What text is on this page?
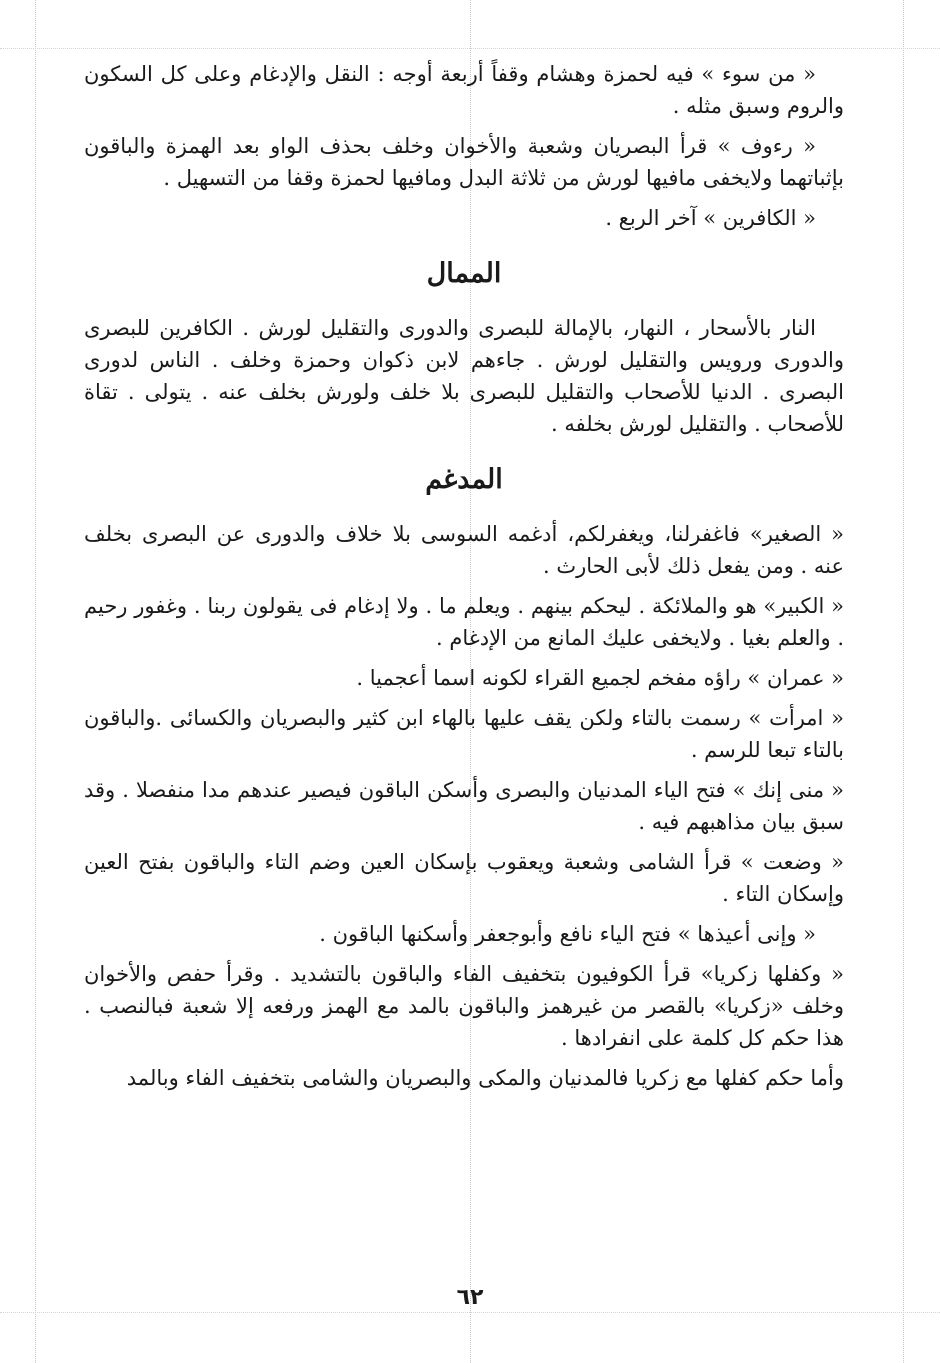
« من سوء » فيه لحمزة وهشام وقفاً أربعة أوجه : النقل والإدغام وعلى كل السكون والروم وسبق مثله .

« رءوف » قرأ البصريان وشعبة والأخوان وخلف بحذف الواو بعد الهمزة والباقون بإثباتهما ولايخفى مافيها لورش من ثلاثة البدل ومافيها لحمزة وقفا من التسهيل .

« الكافرين » آخر الربع .

الممال

النار بالأسحار ، النهار، بالإمالة للبصرى والدورى والتقليل لورش . الكافرين للبصرى والدورى ورويس والتقليل لورش . جاءهم لابن ذكوان وحمزة وخلف . الناس لدورى البصرى . الدنيا للأصحاب والتقليل للبصرى بلا خلف ولورش بخلف عنه . يتولى . تقاة للأصحاب . والتقليل لورش بخلفه .

المدغم

« الصغير» فاغفرلنا، ويغفرلكم، أدغمه السوسى بلا خلاف والدورى عن البصرى بخلف عنه . ومن يفعل ذلك لأبى الحارث .

« الكبير» هو والملائكة . ليحكم بينهم . ويعلم ما . ولا إدغام فى يقولون ربنا . وغفور رحيم . والعلم بغيا . ولايخفى عليك المانع من الإدغام .

« عمران » راؤه مفخم لجميع القراء لكونه اسما أعجميا .

« امرأت » رسمت بالتاء ولكن يقف عليها بالهاء ابن كثير والبصريان والكسائى .والباقون بالتاء تبعا للرسم .

« منى إنك » فتح الياء المدنيان والبصرى وأسكن الباقون فيصير عندهم مدا منفصلا . وقد سبق بيان مذاهبهم فيه .

« وضعت » قرأ الشامى وشعبة ويعقوب بإسكان العين وضم التاء والباقون بفتح العين وإسكان التاء .

« وإنى أعيذها » فتح الياء نافع وأبوجعفر وأسكنها الباقون .

« وكفلها زكريا» قرأ الكوفيون بتخفيف الفاء والباقون بالتشديد . وقرأ حفص والأخوان وخلف «زكريا» بالقصر من غيرهمز والباقون بالمد مع الهمز ورفعه إلا شعبة فبالنصب . هذا حكم كل كلمة على انفرادها .

وأما حكم كفلها مع زكريا فالمدنيان والمكى والبصريان والشامى بتخفيف الفاء وبالمد

٦٢
